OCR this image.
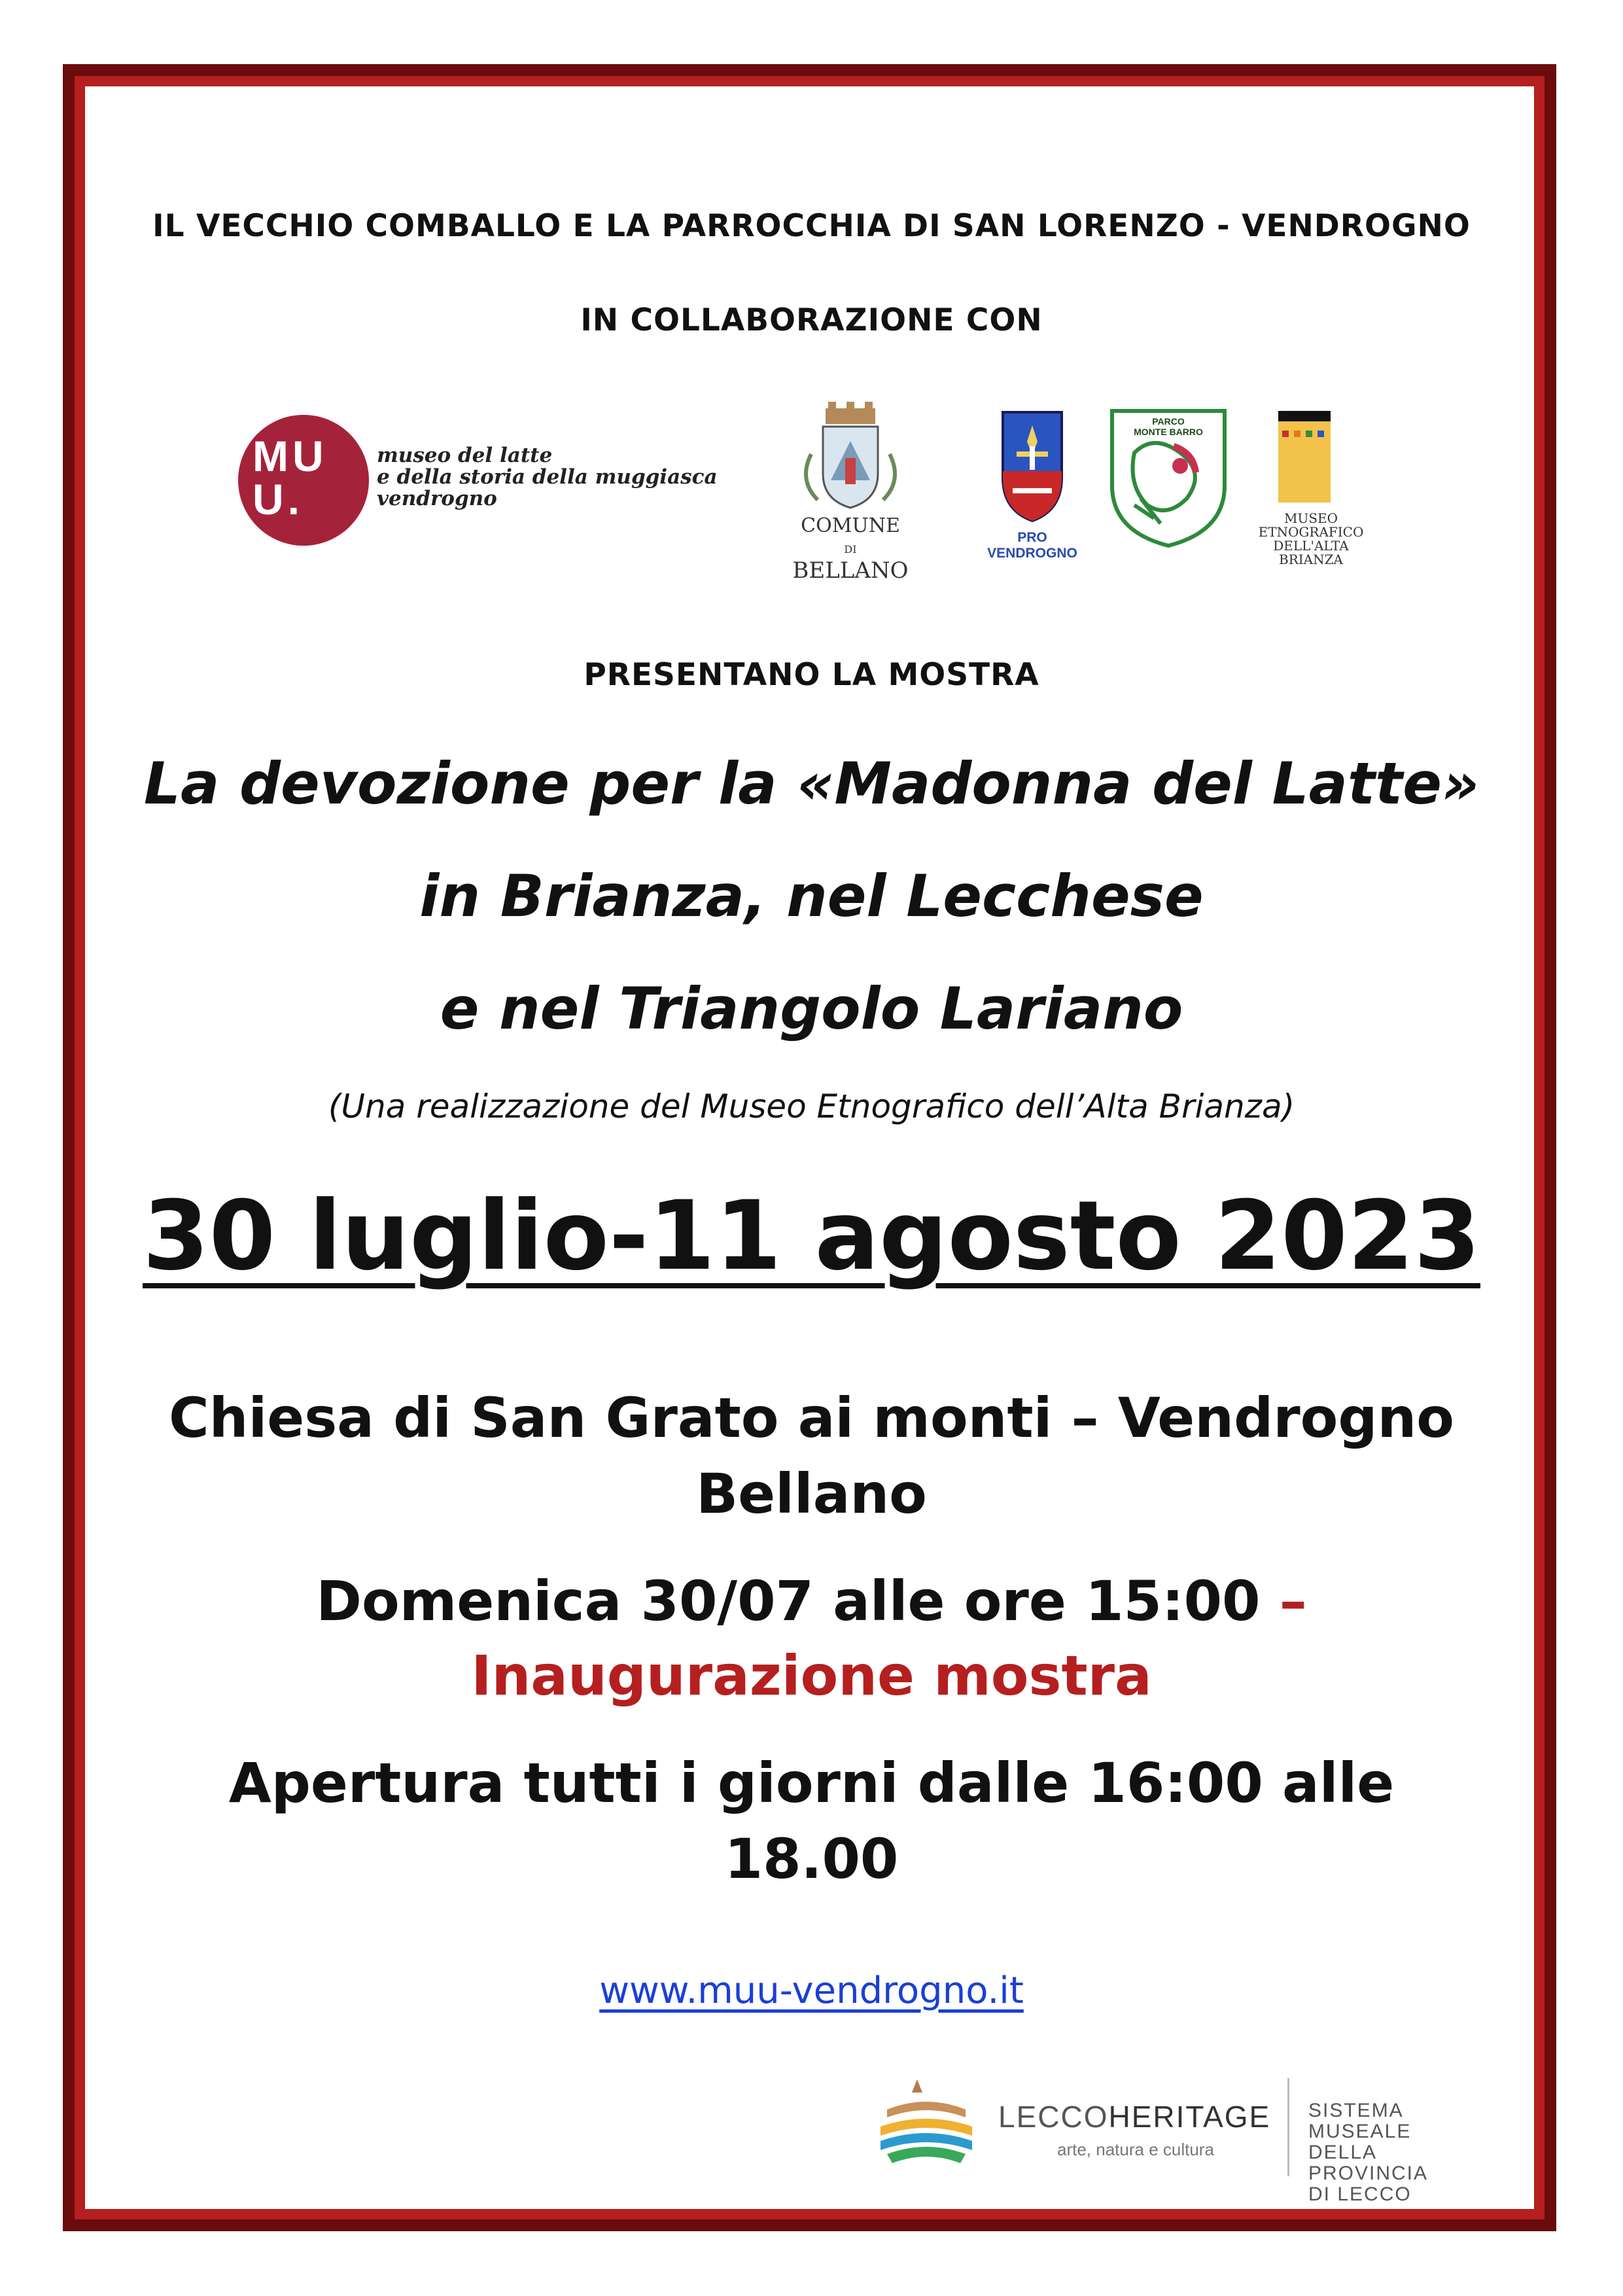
IL VECCHIO COMBALLO E LA PARROCCHIA DI SAN LORENZO - VENDROGNO
IN COLLABORAZIONE CON
MU
U.
museo del latte
e della storia della muggiasca
vendrogno
COMUNE DI
BELLANO
PRO VENDROGNO
PARCO
MONTE BARRO
MUSEO ETNOGRAFICO
DELL'ALTA BRIANZA
PRESENTANO LA MOSTRA
La devozione per la «Madonna del Latte»
in Brianza, nel Lecchese
e nel Triangolo Lariano
(Una realizzazione del Museo Etnografico dell’Alta Brianza)
30 luglio-11 agosto 2023
Chiesa di San Grato ai monti – Vendrogno
Bellano
Domenica 30/07 alle ore 15:00 –
Inaugurazione mostra
Apertura tutti i giorni dalle 16:00 alle
18.00
www.muu-vendrogno.it
LECCOHERITAGE
arte, natura e cultura
SISTEMA MUSEALE
DELLA PROVINCIA
DI LECCO
